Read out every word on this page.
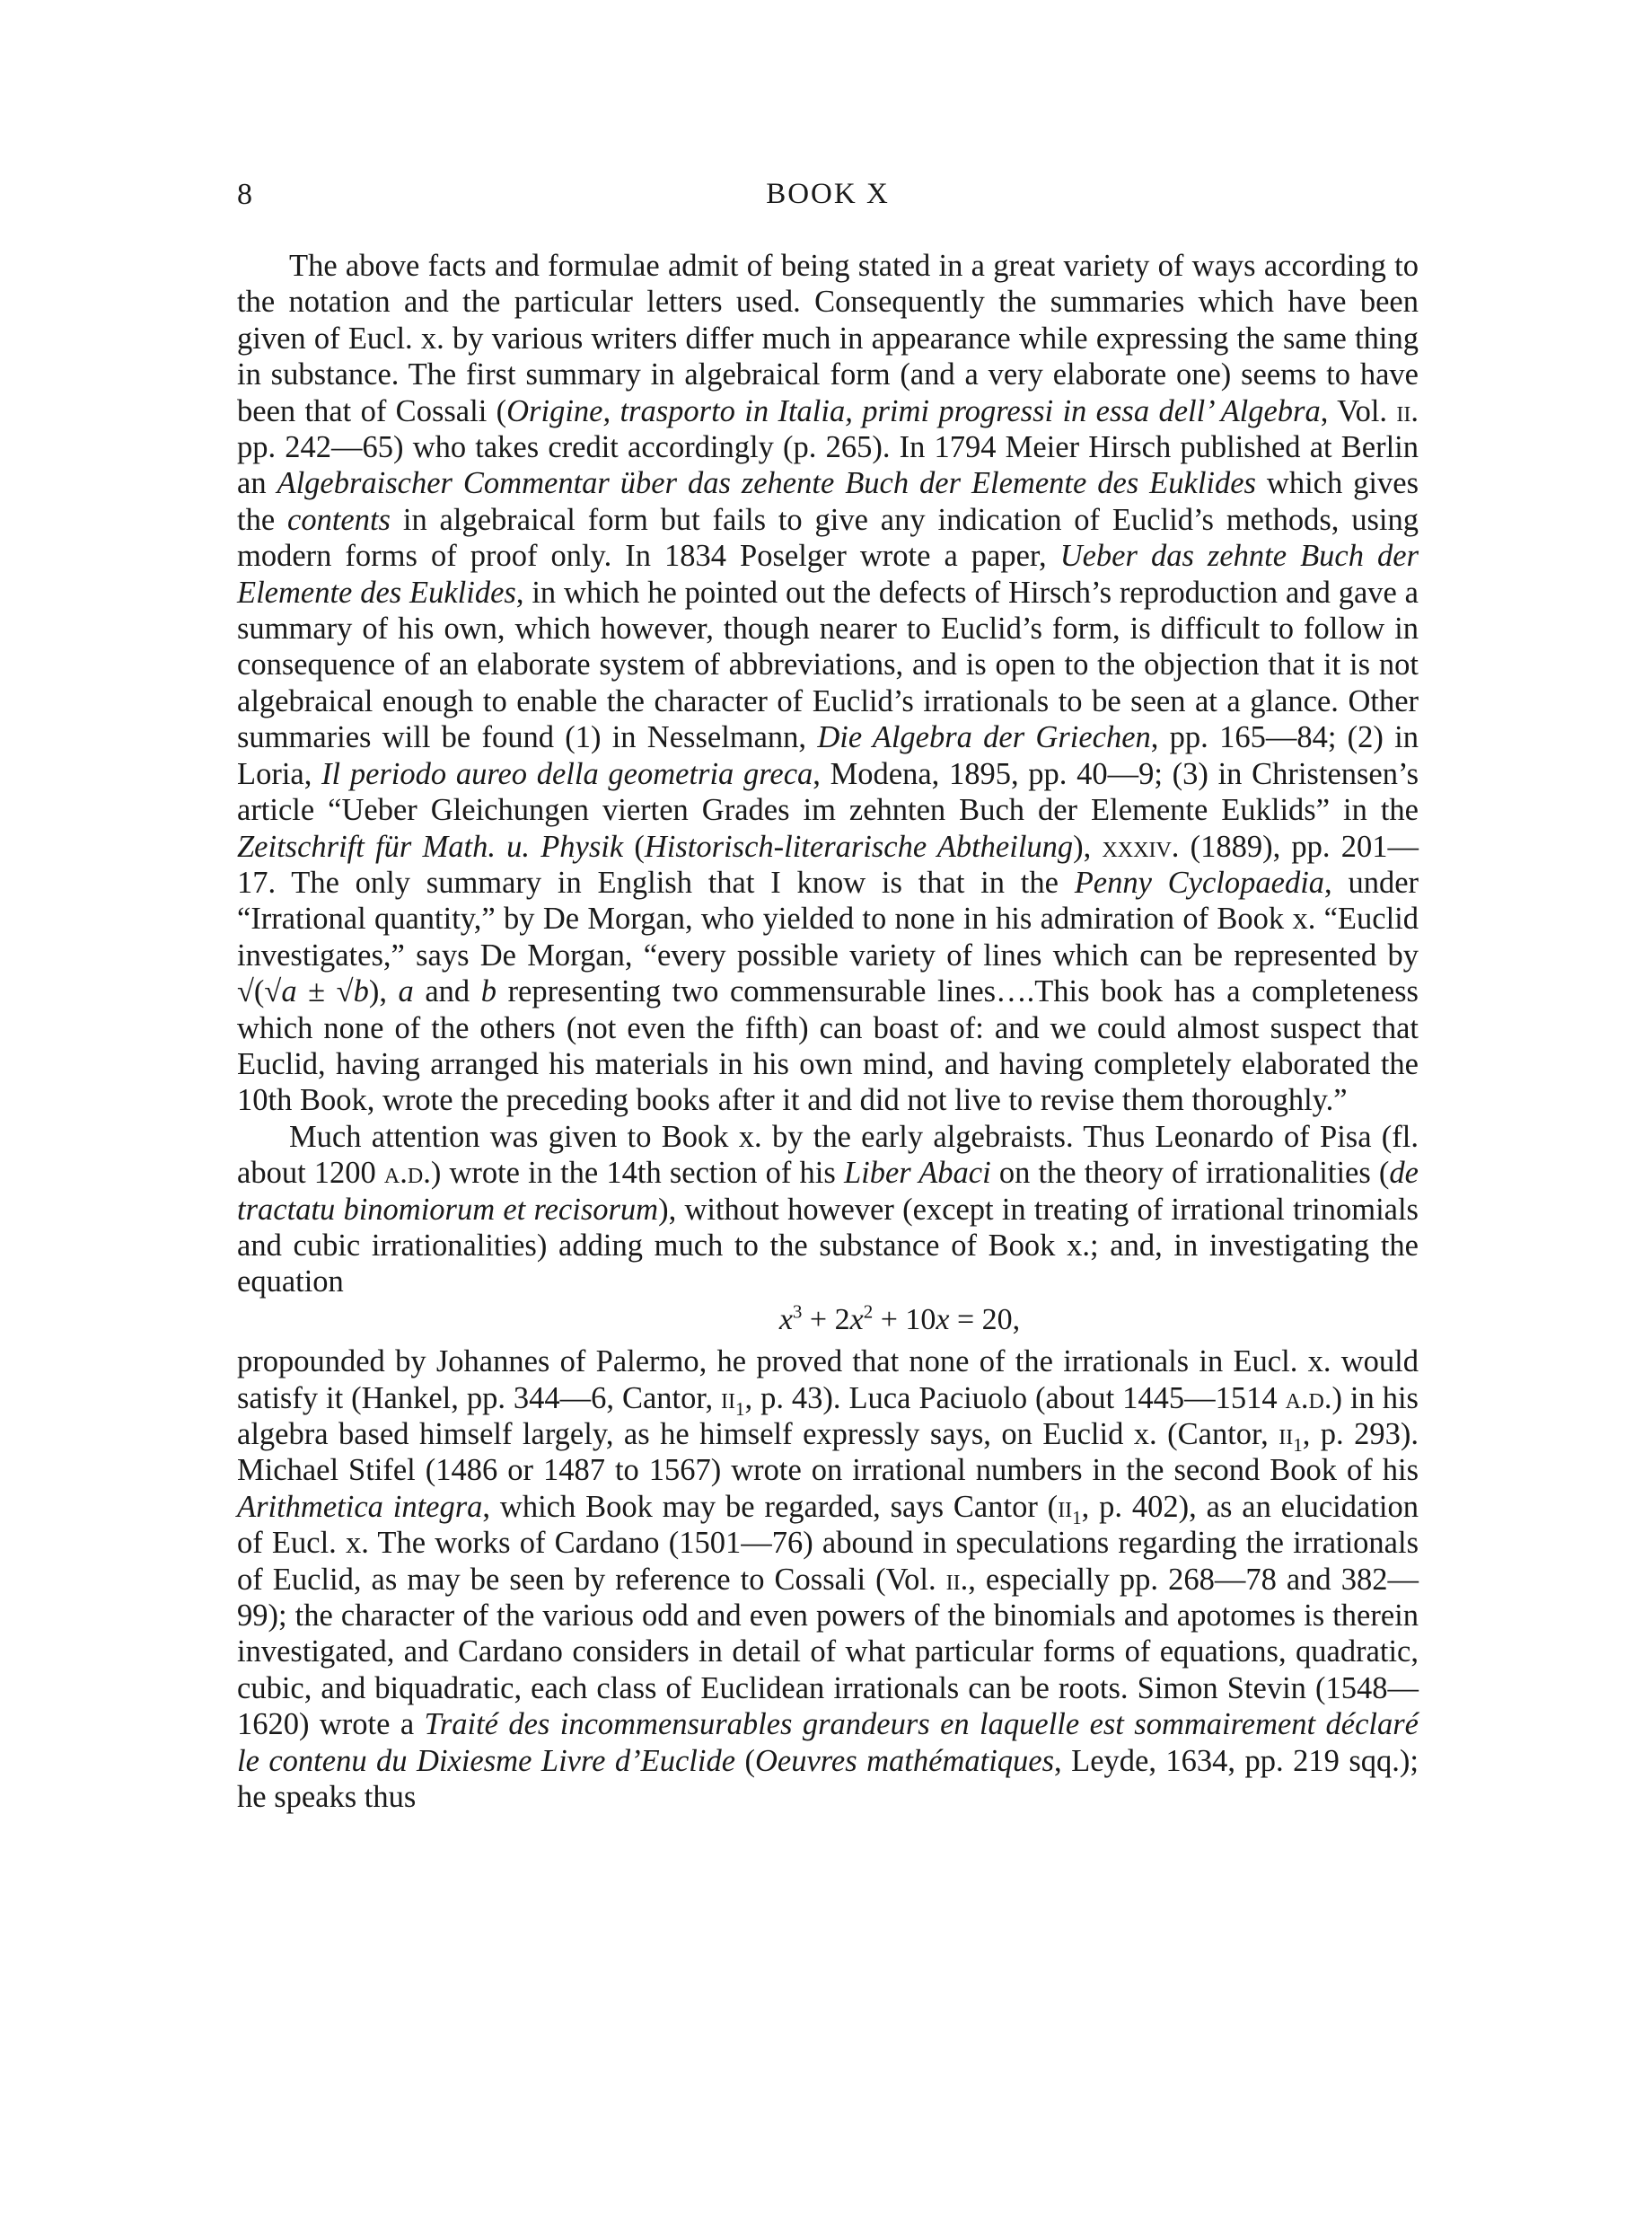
8	BOOK X

The above facts and formulae admit of being stated in a great variety of ways according to the notation and the particular letters used. Consequently the summaries which have been given of Eucl. x. by various writers differ much in appearance while expressing the same thing in substance. The first summary in algebraical form (and a very elaborate one) seems to have been that of Cossali (Origine, trasporto in Italia, primi progressi in essa dell’ Algebra, Vol. ii. pp. 242—65) who takes credit accordingly (p. 265). In 1794 Meier Hirsch published at Berlin an Algebraischer Commentar über das zehente Buch der Elemente des Euklides which gives the contents in algebraical form but fails to give any indication of Euclid’s methods, using modern forms of proof only. In 1834 Poselger wrote a paper, Ueber das zehnte Buch der Elemente des Euklides, in which he pointed out the defects of Hirsch’s reproduction and gave a summary of his own, which however, though nearer to Euclid’s form, is difficult to follow in consequence of an elaborate system of abbreviations, and is open to the objection that it is not algebraical enough to enable the character of Euclid’s irrationals to be seen at a glance. Other summaries will be found (1) in Nesselmann, Die Algebra der Griechen, pp. 165—84; (2) in Loria, Il periodo aureo della geometria greca, Modena, 1895, pp. 40—9; (3) in Christensen’s article “Ueber Gleichungen vierten Grades im zehnten Buch der Elemente Euklids” in the Zeitschrift für Math. u. Physik (Historisch-literarische Abtheilung), xxxiv. (1889), pp. 201—17. The only summary in English that I know is that in the Penny Cyclopaedia, under “Irrational quantity,” by De Morgan, who yielded to none in his admiration of Book x. “Euclid investigates,” says De Morgan, “every possible variety of lines which can be represented by √(√a ± √b), a and b representing two commensurable lines….This book has a completeness which none of the others (not even the fifth) can boast of: and we could almost suspect that Euclid, having arranged his materials in his own mind, and having completely elaborated the 10th Book, wrote the preceding books after it and did not live to revise them thoroughly.”

Much attention was given to Book x. by the early algebraists. Thus Leonardo of Pisa (fl. about 1200 a.d.) wrote in the 14th section of his Liber Abaci on the theory of irrationalities (de tractatu binomiorum et recisorum), without however (except in treating of irrational trinomials and cubic irrationalities) adding much to the substance of Book x.; and, in investigating the equation

$x^3 + 2x^2 + 10x = 20$,

propounded by Johannes of Palermo, he proved that none of the irrationals in Eucl. x. would satisfy it (Hankel, pp. 344—6, Cantor, $ii_1$, p. 43). Luca Paciuolo (about 1445—1514 a.d.) in his algebra based himself largely, as he himself expressly says, on Euclid x. (Cantor, $ii_1$, p. 293). Michael Stifel (1486 or 1487 to 1567) wrote on irrational numbers in the second Book of his Arithmetica integra, which Book may be regarded, says Cantor ($ii_1$, p. 402), as an elucidation of Eucl. x. The works of Cardano (1501—76) abound in speculations regarding the irrationals of Euclid, as may be seen by reference to Cossali (Vol. ii., especially pp. 268—78 and 382—99); the character of the various odd and even powers of the binomials and apotomes is therein investigated, and Cardano considers in detail of what particular forms of equations, quadratic, cubic, and biquadratic, each class of Euclidean irrationals can be roots. Simon Stevin (1548—1620) wrote a Traité des incommensurables grandeurs en laquelle est sommairement déclaré le contenu du Dixiesme Livre d’Euclide (Oeuvres mathématiques, Leyde, 1634, pp. 219 sqq.); he speaks thus
